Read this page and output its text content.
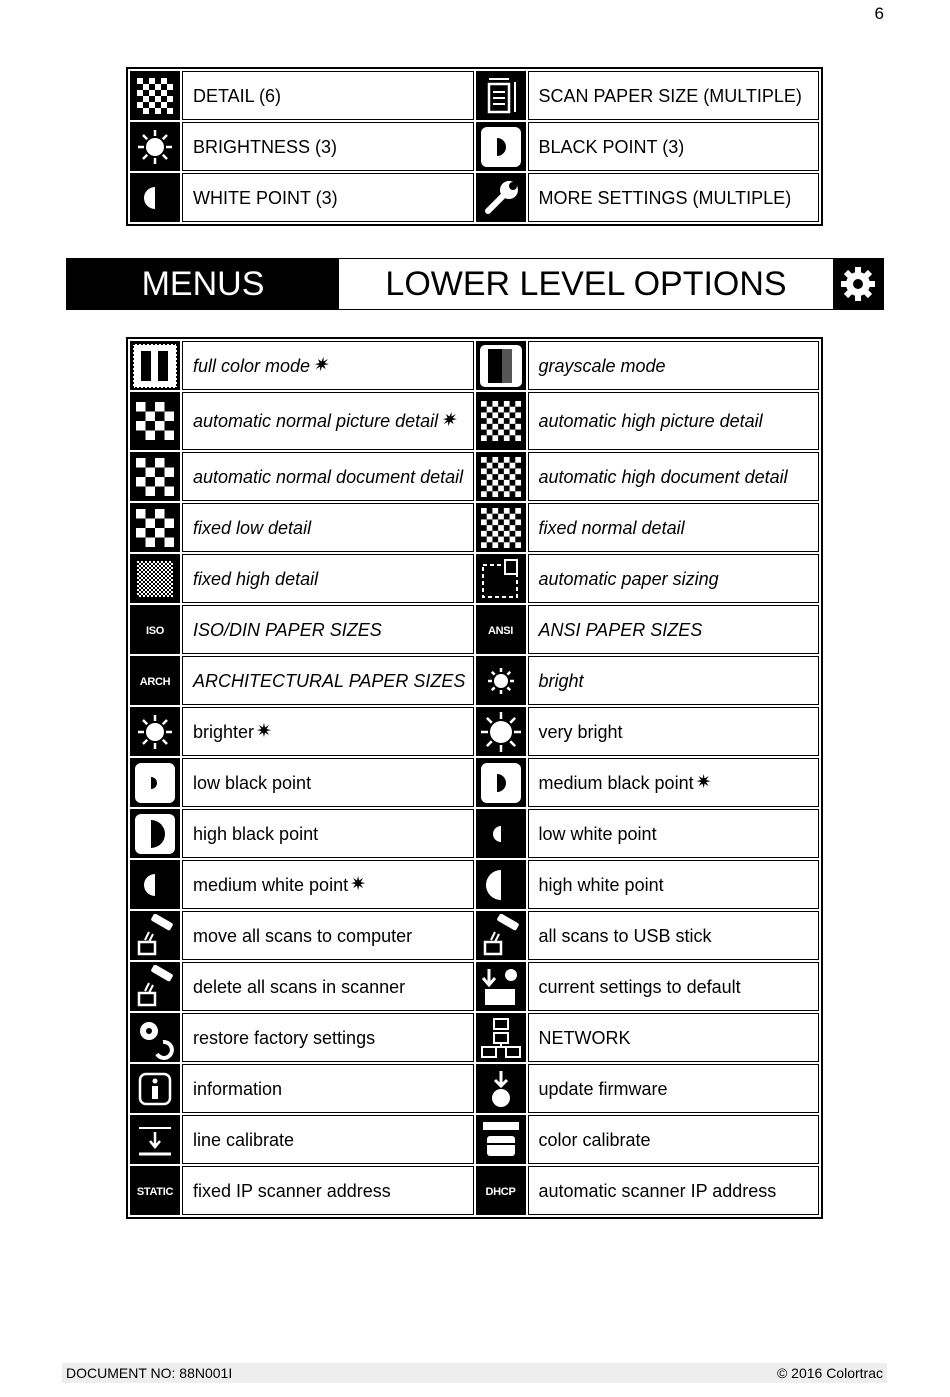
6
	DETAIL (6)		SCAN PAPER SIZE (MULTIPLE)

	BRIGHTNESS (3)		BLACK POINT (3)

	WHITE POINT (3)		MORE SETTINGS (MULTIPLE)
MENUS	LOWER LEVEL OPTIONS
	full color mode ✷		grayscale mode

	automatic normal picture detail ✷		automatic high picture detail

	automatic normal document detail		automatic high document detail

	fixed low detail		fixed normal detail

	fixed high detail		automatic paper sizing
ISO	ISO/DIN PAPER SIZES	ANSI	ANSI PAPER SIZES
ARCH	ARCHITECTURAL PAPER SIZES		bright

	brighter ✷		very bright

	low black point		medium black point ✷

	high black point		low white point

	medium white point ✷		high white point

	move all scans to computer		all scans to USB stick

	delete all scans in scanner		current settings to default

	restore factory settings		NETWORK

	information		update firmware

	line calibrate		color calibrate
STATIC	fixed IP scanner address	DHCP	automatic scanner IP address
DOCUMENT NO: 88N001I	© 2016 Colortrac
